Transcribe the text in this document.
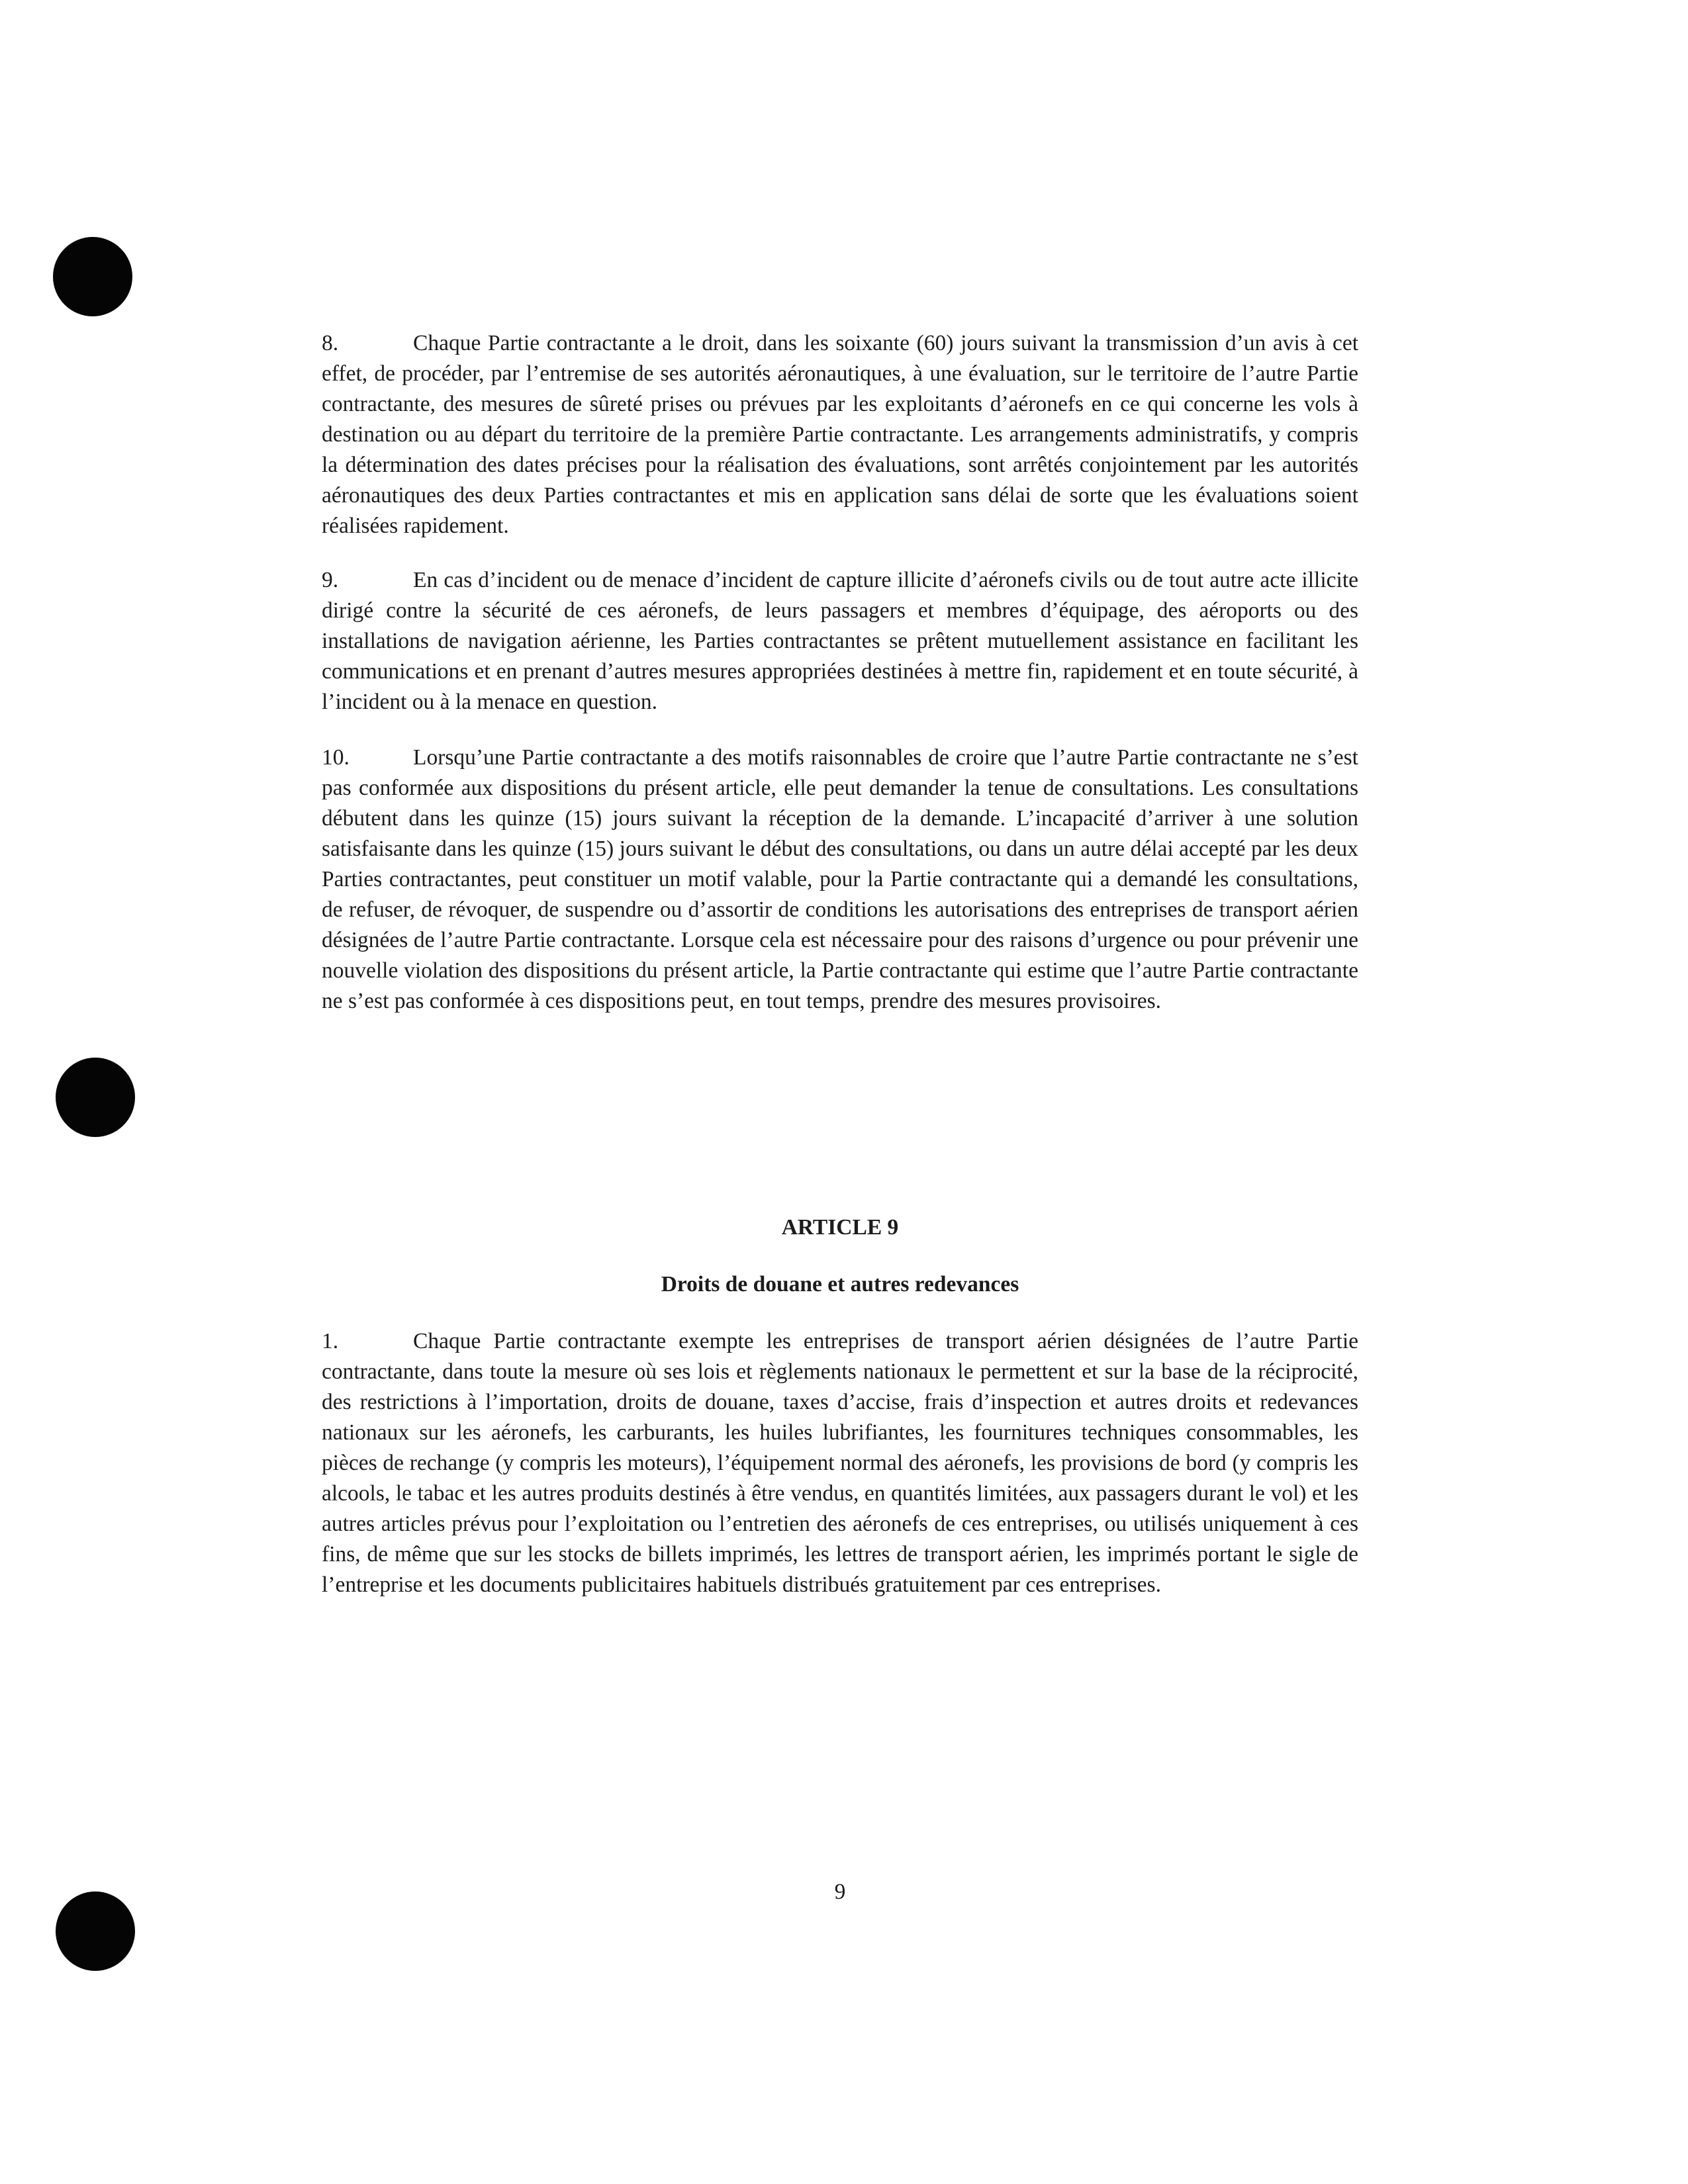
8.	Chaque Partie contractante a le droit, dans les soixante (60) jours suivant la transmission d’un avis à cet effet, de procéder, par l’entremise de ses autorités aéronautiques, à une évaluation, sur le territoire de l’autre Partie contractante, des mesures de sûreté prises ou prévues par les exploitants d’aéronefs en ce qui concerne les vols à destination ou au départ du territoire de la première Partie contractante. Les arrangements administratifs, y compris la détermination des dates précises pour la réalisation des évaluations, sont arrêtés conjointement par les autorités aéronautiques des deux Parties contractantes et mis en application sans délai de sorte que les évaluations soient réalisées rapidement.

9.	En cas d’incident ou de menace d’incident de capture illicite d’aéronefs civils ou de tout autre acte illicite dirigé contre la sécurité de ces aéronefs, de leurs passagers et membres d’équipage, des aéroports ou des installations de navigation aérienne, les Parties contractantes se prêtent mutuellement assistance en facilitant les communications et en prenant d’autres mesures appropriées destinées à mettre fin, rapidement et en toute sécurité, à l’incident ou à la menace en question.

10.	Lorsqu’une Partie contractante a des motifs raisonnables de croire que l’autre Partie contractante ne s’est pas conformée aux dispositions du présent article, elle peut demander la tenue de consultations. Les consultations débutent dans les quinze (15) jours suivant la réception de la demande. L’incapacité d’arriver à une solution satisfaisante dans les quinze (15) jours suivant le début des consultations, ou dans un autre délai accepté par les deux Parties contractantes, peut constituer un motif valable, pour la Partie contractante qui a demandé les consultations, de refuser, de révoquer, de suspendre ou d’assortir de conditions les autorisations des entreprises de transport aérien désignées de l’autre Partie contractante. Lorsque cela est nécessaire pour des raisons d’urgence ou pour prévenir une nouvelle violation des dispositions du présent article, la Partie contractante qui estime que l’autre Partie contractante ne s’est pas conformée à ces dispositions peut, en tout temps, prendre des mesures provisoires.

ARTICLE 9
Droits de douane et autres redevances

1.	Chaque Partie contractante exempte les entreprises de transport aérien désignées de l’autre Partie contractante, dans toute la mesure où ses lois et règlements nationaux le permettent et sur la base de la réciprocité, des restrictions à l’importation, droits de douane, taxes d’accise, frais d’inspection et autres droits et redevances nationaux sur les aéronefs, les carburants, les huiles lubrifiantes, les fournitures techniques consommables, les pièces de rechange (y compris les moteurs), l’équipement normal des aéronefs, les provisions de bord (y compris les alcools, le tabac et les autres produits destinés à être vendus, en quantités limitées, aux passagers durant le vol) et les autres articles prévus pour l’exploitation ou l’entretien des aéronefs de ces entreprises, ou utilisés uniquement à ces fins, de même que sur les stocks de billets imprimés, les lettres de transport aérien, les imprimés portant le sigle de l’entreprise et les documents publicitaires habituels distribués gratuitement par ces entreprises.

9
